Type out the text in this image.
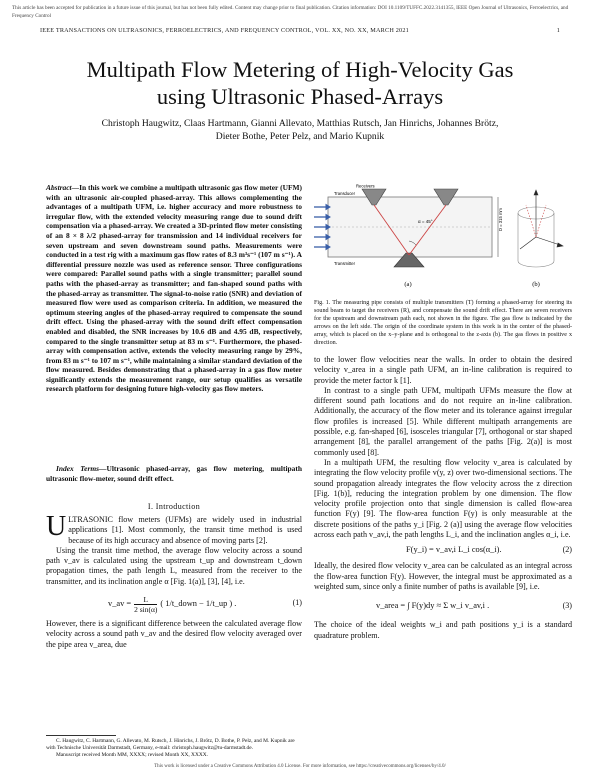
This article has been accepted for publication in a future issue of this journal, but has not been fully edited. Content may change prior to final publication. Citation information: DOI 10.1109/TUFFC.2022.3141355, IEEE Open Journal of Ultrasonics, Ferroelectrics, and Frequency Control
IEEE TRANSACTIONS ON ULTRASONICS, FERROELECTRICS, AND FREQUENCY CONTROL, VOL. XX, NO. XX, MARCH 2021	1
Multipath Flow Metering of High-Velocity Gas
using Ultrasonic Phased-Arrays
Christoph Haugwitz, Claas Hartmann, Gianni Allevato, Matthias Rutsch, Jan Hinrichs, Johannes Brötz,
Dieter Bothe, Peter Pelz, and Mario Kupnik
Abstract—In this work we combine a multipath ultrasonic gas flow meter (UFM) with an ultrasonic air-coupled phased-array. This allows complementing the advantages of a multipath UFM, i.e. higher accuracy and more robustness to irregular flow, with the extended velocity measuring range due to sound drift compensation via a phased-array. We created a 3D-printed flow meter consisting of an 8 × 8 λ/2 phased-array for transmission and 14 individual receivers for seven upstream and seven downstream sound paths. Measurements were conducted in a test rig with a maximum gas flow rates of 8.3 m³s⁻¹ (107 m s⁻¹). A differential pressure nozzle was used as reference sensor. Three configurations were compared: Parallel sound paths with a single transmitter; parallel sound paths with the phased-array as transmitter; and fan-shaped sound paths with the phased-array as transmitter. The signal-to-noise ratio (SNR) and deviation of measured flow were used as comparison criteria. In addition, we measured the optimum steering angles of the phased-array required to compensate the sound drift effect. Using the phased-array with the sound drift effect compensation enabled and disabled, the SNR increases by 10.6 dB and 4.95 dB, respectively, compared to the single transmitter setup at 83 m s⁻¹. Furthermore, the phased-array with compensation active, extends the velocity measuring range by 29%, from 83 m s⁻¹ to 107 m s⁻¹, while maintaining a similar standard deviation of the flow measured. Besides demonstrating that a phased-array in a gas flow meter significantly extends the measurement range, our setup qualifies as versatile research platform for designing future high-velocity gas flow meters.
Index Terms—Ultrasonic phased-array, gas flow metering, multipath ultrasonic flow-meter, sound drift effect.
I. Introduction

ULTRASONIC flow meters (UFMs) are widely used in industrial applications [1]. Most commonly, the transit time method is used because of its high accuracy and absence of moving parts [2].

Using the transit time method, the average flow velocity across a sound path v_av is calculated using the upstream t_up and downstream t_down propagation times, the path length L, measured from the receiver to the transmitter, and its inclination angle α [Fig. 1(a)], [3], [4], i.e.

v_av = $\frac{L}{2 \sin(\alpha)}$ ( 1/t_down − 1/t_up ) .	(1)

However, there is a significant difference between the calculated average flow velocity across a sound path v_av and the desired flow velocity averaged over the pipe area v_area, due

C. Haugwitz, C. Hartmann, G. Allevato, M. Rutsch, J. Hinrichs, J. Brötz, D. Bothe, P. Pelz, and M. Kupnik are with Technische Universität Darmstadt, Germany, e-mail: christoph.haugwitz@tu-darmstadt.de.

Manuscript received Month MM, XXXX; revised Month XX, XXXX.

α = 45°
Receivers
Transducer
Transmitter
D = 315 mm
(a)	(b)
Fig. 1. The measuring pipe consists of multiple transmitters (T) forming a phased-array for steering its sound beam to target the receivers (R), and compensate the sound drift effect. There are seven receivers for the upstream and downstream path each, not shown in the figure. The gas flow is indicated by the arrows on the left side. The origin of the coordinate system in this work is in the center of the phased-array, which is placed on the x–y-plane and is orthogonal to the z-axis (b). The gas flows in positive x direction.

to the lower flow velocities near the walls. In order to obtain the desired velocity v_area in a single path UFM, an in-line calibration is required to provide the meter factor k [1].

In contrast to a single path UFM, multipath UFMs measure the flow at different sound path locations and do not require an in-line calibration. Additionally, the accuracy of the flow meter and its tolerance against irregular flow profiles is increased [5]. While different multipath arrangements are possible, e.g. fan-shaped [6], isosceles triangular [7], orthogonal or star shaped arrangement [8], the parallel arrangement of the paths [Fig. 2(a)] is most commonly used [8].

In a multipath UFM, the resulting flow velocity v_area is calculated by integrating the flow velocity profile v(y, z) over two-dimensional sections. The sound propagation already integrates the flow velocity across the z direction [Fig. 1(b)], reducing the integration problem by one dimension. The flow velocity profile projection onto that single dimension is called flow-area function F(y) [9]. The flow-area function F(y) is only measurable at the discrete positions of the paths y_i [Fig. 2 (a)] using the average flow velocities across each path v_av,i, the path lengths L_i, and the inclination angles α_i, i.e.

F(y_i) = v_av,i L_i cos(α_i).	(2)

Ideally, the desired flow velocity v_area can be calculated as an integral across the flow-area function F(y). However, the integral must be approximated as a weighted sum, since only a finite number of paths is available [9], i.e.

v_area = ∫ F(y)dy ≈ Σ w_i v_av,i .	(3)

The choice of the ideal weights w_i and path positions y_i is a standard quadrature problem.

This work is licensed under a Creative Commons Attribution 4.0 License. For more information, see https://creativecommons.org/licenses/by/4.0/
